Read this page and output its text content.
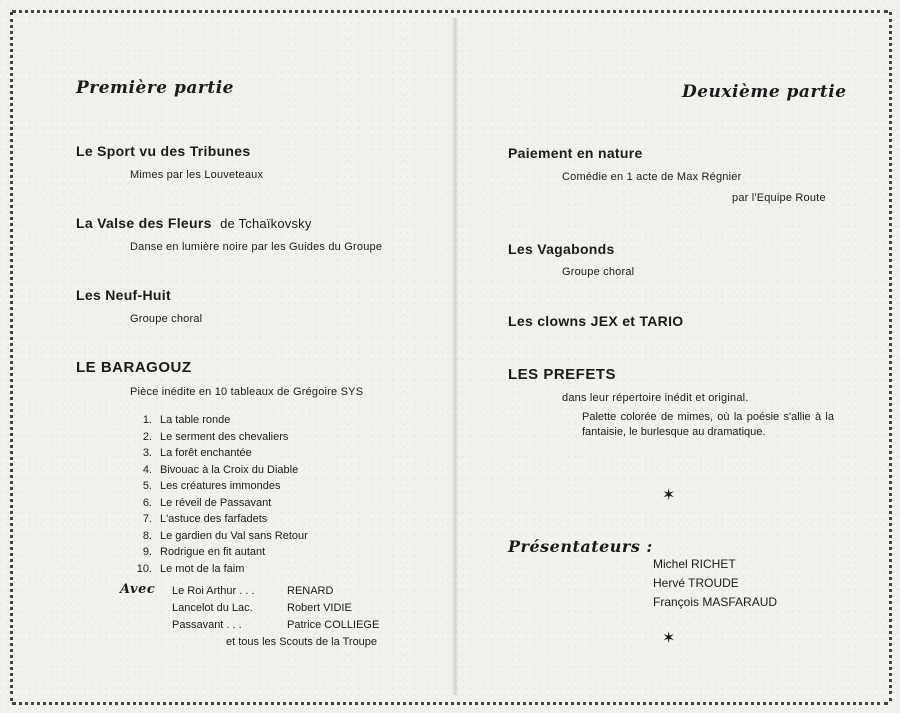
Première partie
Le Sport vu des Tribunes
Mimes par les Louveteaux
La Valse des Fleurs de Tchaïkovsky
Danse en lumière noire par les Guides du Groupe
Les Neuf-Huit
Groupe choral
LE BARAGOUZ
Pièce inédite en 10 tableaux de Grégoire SYS
1. La table ronde
2. Le serment des chevaliers
3. La forêt enchantée
4. Bivouac à la Croix du Diable
5. Les créatures immondes
6. Le réveil de Passavant
7. L'astuce des farfadets
8. Le gardien du Val sans Retour
9. Rodrigue en fit autant
10. Le mot de la faim
Avec Le Roi Arthur . . .
Lancelot du Lac.
Passavant . . .
RENARD
Robert VIDIE
Patrice COLLIEGE
et tous les Scouts de la Troupe
Deuxième partie
Paiement en nature
Comédie en 1 acte de Max Régnier
par l'Equipe Route
Les Vagabonds
Groupe choral
Les clowns JEX et TARIO
LES PREFETS
dans leur répertoire inédit et original.
Palette colorée de mimes, où la poésie s'allie à la fantaisie, le burlesque au dramatique.
✶
Présentateurs :
Michel RICHET
Hervé TROUDE
François MASFARAUD
✶
